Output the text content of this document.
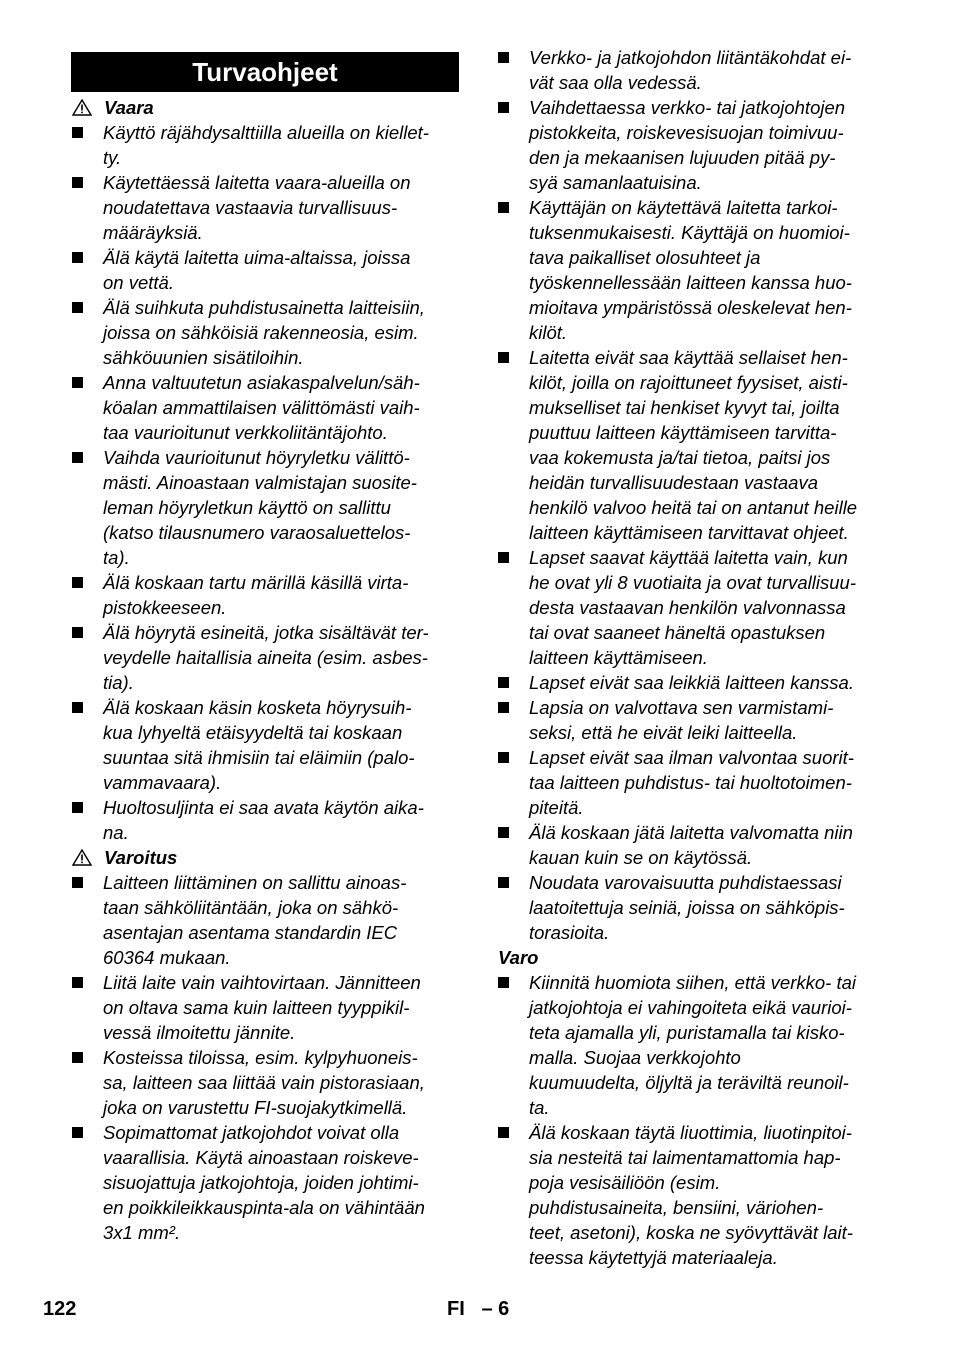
Turvaohjeet
Vaara
Käyttö räjähdysalttiilla alueilla on kiellet-
ty.
Käytettäessä laitetta vaara-alueilla on
noudatettava vastaavia turvallisuus-
määräyksiä.
Älä käytä laitetta uima-altaissa, joissa
on vettä.
Älä suihkuta puhdistusainetta laitteisiin,
joissa on sähköisiä rakenneosia, esim.
sähköuunien sisätiloihin.
Anna valtuutetun asiakaspalvelun/säh-
köalan ammattilaisen välittömästi vaih-
taa vaurioitunut verkkoliitäntäjohto.
Vaihda vaurioitunut höyryletku välittö-
mästi. Ainoastaan valmistajan suosite-
leman höyryletkun käyttö on sallittu
(katso tilausnumero varaosaluettelos-
ta).
Älä koskaan tartu märillä käsillä virta-
pistokkeeseen.
Älä höyrytä esineitä, jotka sisältävät ter-
veydelle haitallisia aineita (esim. asbes-
tia).
Älä koskaan käsin kosketa höyrysuih-
kua lyhyeltä etäisyydeltä tai koskaan
suuntaa sitä ihmisiin tai eläimiin (palo-
vammavaara).
Huoltosuljinta ei saa avata käytön aika-
na.
Varoitus
Laitteen liittäminen on sallittu ainoas-
taan sähköliitäntään, joka on sähkö-
asentajan asentama standardin IEC
60364 mukaan.
Liitä laite vain vaihtovirtaan. Jännitteen
on oltava sama kuin laitteen tyyppikil-
vessä ilmoitettu jännite.
Kosteissa tiloissa, esim. kylpyhuoneis-
sa, laitteen saa liittää vain pistorasiaan,
joka on varustettu FI-suojakytkimellä.
Sopimattomat jatkojohdot voivat olla
vaarallisia. Käytä ainoastaan roiskeve-
sisuojattuja jatkojohtoja, joiden johtimi-
en poikkileikkauspinta-ala on vähintään
3x1 mm².
Verkko- ja jatkojohdon liitäntäkohdat ei-
vät saa olla vedessä.
Vaihdettaessa verkko- tai jatkojohtojen
pistokkeita, roiskevesisuojan toimivuu-
den ja mekaanisen lujuuden pitää py-
syä samanlaatuisina.
Käyttäjän on käytettävä laitetta tarkoi-
tuksenmukaisesti. Käyttäjä on huomioi-
tava paikalliset olosuhteet ja
työskennellessään laitteen kanssa huo-
mioitava ympäristössä oleskelevat hen-
kilöt.
Laitetta eivät saa käyttää sellaiset hen-
kilöt, joilla on rajoittuneet fyysiset, aisti-
mukselliset tai henkiset kyvyt tai, joilta
puuttuu laitteen käyttämiseen tarvitta-
vaa kokemusta ja/tai tietoa, paitsi jos
heidän turvallisuudestaan vastaava
henkilö valvoo heitä tai on antanut heille
laitteen käyttämiseen tarvittavat ohjeet.
Lapset saavat käyttää laitetta vain, kun
he ovat yli 8 vuotiaita ja ovat turvallisuu-
desta vastaavan henkilön valvonnassa
tai ovat saaneet häneltä opastuksen
laitteen käyttämiseen.
Lapset eivät saa leikkiä laitteen kanssa.
Lapsia on valvottava sen varmistami-
seksi, että he eivät leiki laitteella.
Lapset eivät saa ilman valvontaa suorit-
taa laitteen puhdistus- tai huoltotoimen-
piteitä.
Älä koskaan jätä laitetta valvomatta niin
kauan kuin se on käytössä.
Noudata varovaisuutta puhdistaessasi
laatoitettuja seiniä, joissa on sähköpis-
torasioita.
Varo
Kiinnitä huomiota siihen, että verkko- tai
jatkojohtoja ei vahingoiteta eikä vaurioi-
teta ajamalla yli, puristamalla tai kisko-
malla. Suojaa verkkojohto
kuumuudelta, öljyltä ja teräviltä reunoil-
ta.
Älä koskaan täytä liuottimia, liuotinpitoi-
sia nesteitä tai laimentamattomia hap-
poja vesisäiliöön (esim.
puhdistusaineita, bensiini, väriohen-
teet, asetoni), koska ne syövyttävät lait-
teessa käytettyjä materiaaleja.
122	FI   – 6
